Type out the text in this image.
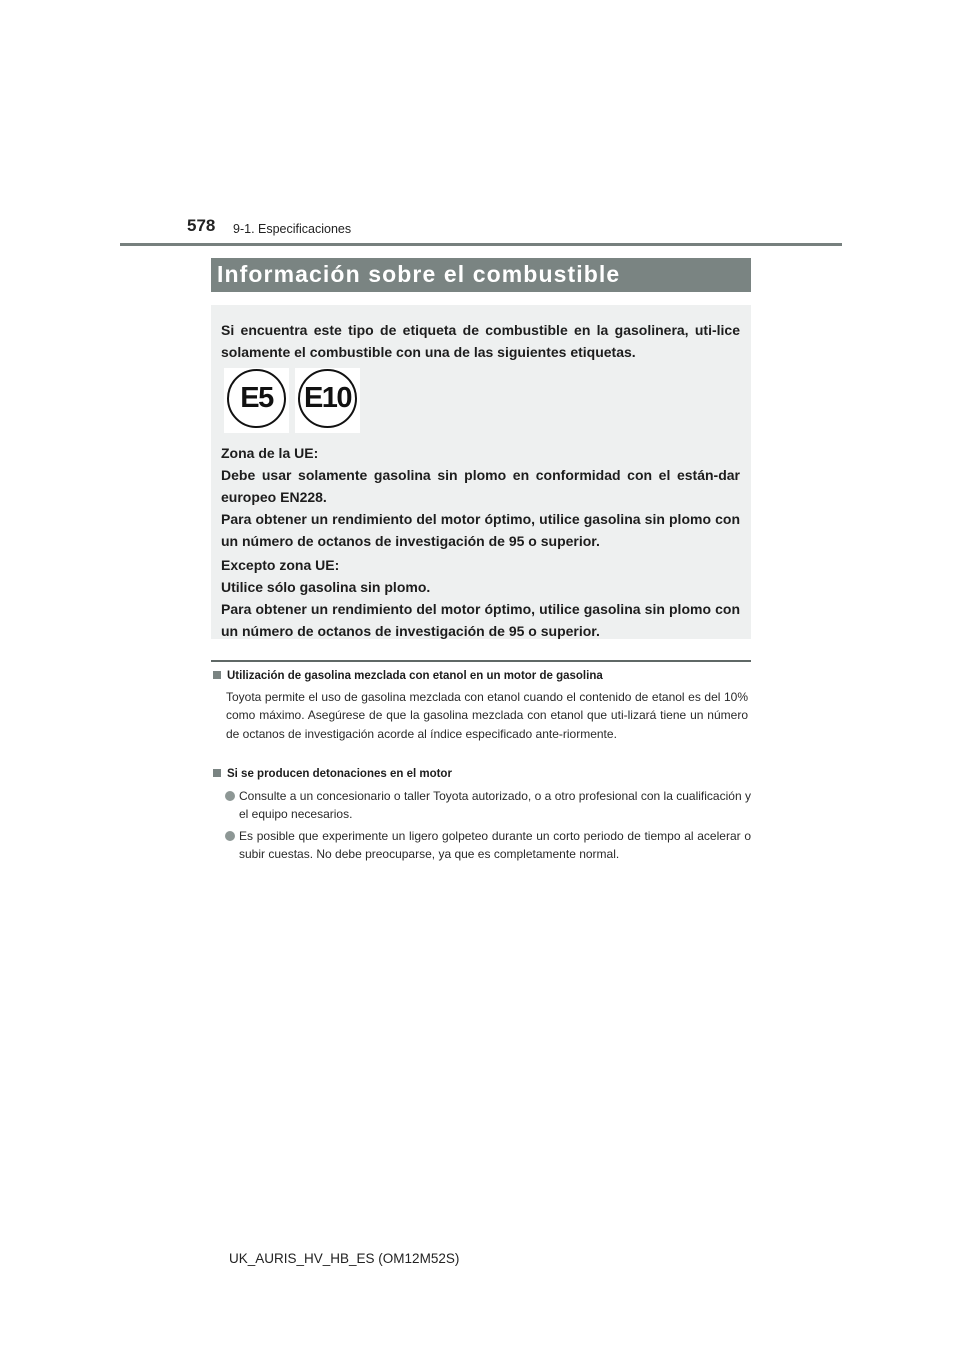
578 9-1. Especificaciones
Información sobre el combustible
Si encuentra este tipo de etiqueta de combustible en la gasolinera, uti-lice solamente el combustible con una de las siguientes etiquetas.
E5	E10
Zona de la UE:
Debe usar solamente gasolina sin plomo en conformidad con el están-dar europeo EN228.
Para obtener un rendimiento del motor óptimo, utilice gasolina sin plomo con un número de octanos de investigación de 95 o superior.
Excepto zona UE:
Utilice sólo gasolina sin plomo.
Para obtener un rendimiento del motor óptimo, utilice gasolina sin plomo con un número de octanos de investigación de 95 o superior.
Utilización de gasolina mezclada con etanol en un motor de gasolina
Toyota permite el uso de gasolina mezclada con etanol cuando el contenido de etanol es del 10% como máximo. Asegúrese de que la gasolina mezclada con etanol que uti-lizará tiene un número de octanos de investigación acorde al índice especificado ante-riormente.
Si se producen detonaciones en el motor
Consulte a un concesionario o taller Toyota autorizado, o a otro profesional con la cualificación y el equipo necesarios.
Es posible que experimente un ligero golpeteo durante un corto periodo de tiempo al acelerar o subir cuestas. No debe preocuparse, ya que es completamente normal.
UK_AURIS_HV_HB_ES (OM12M52S)
